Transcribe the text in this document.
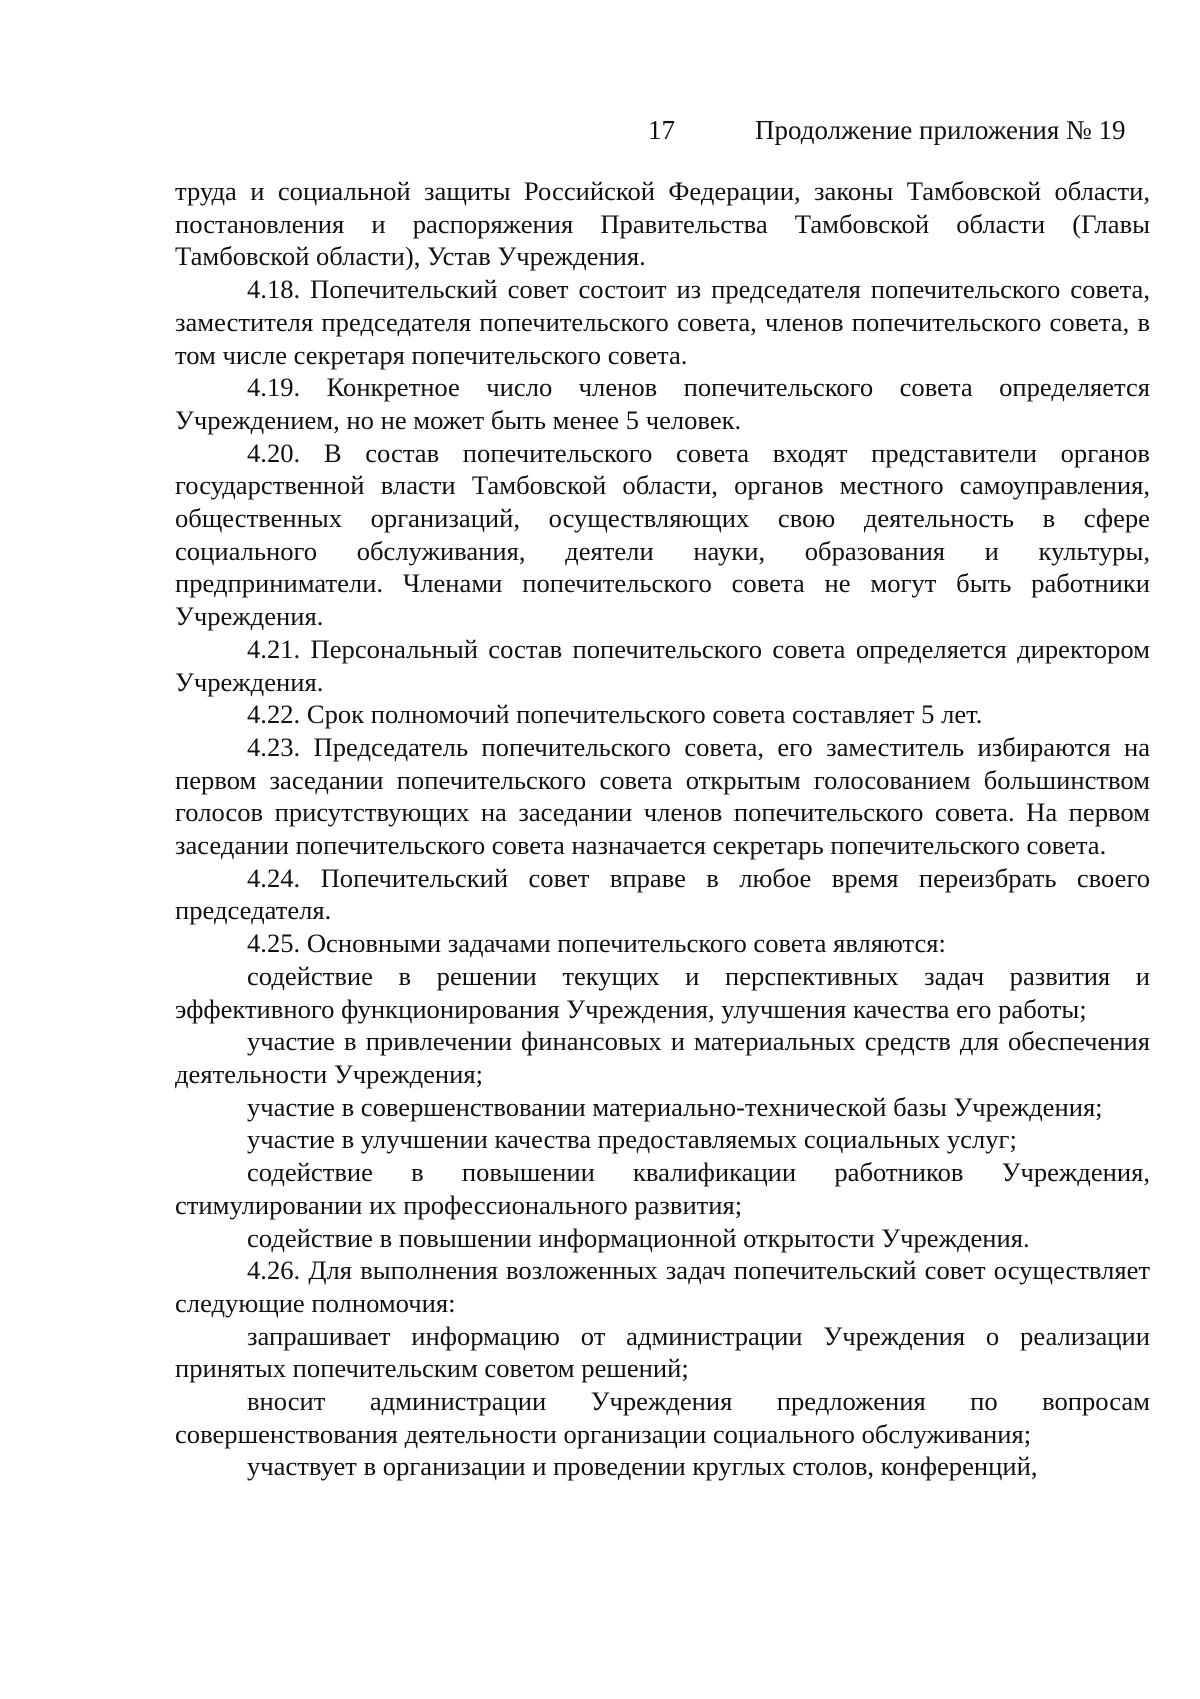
17	Продолжение приложения № 19

труда и социальной защиты Российской Федерации, законы Тамбовской области, постановления и распоряжения Правительства Тамбовской области (Главы Тамбовской области), Устав Учреждения.

4.18. Попечительский совет состоит из председателя попечительского совета, заместителя председателя попечительского совета, членов попечительского совета, в том числе секретаря попечительского совета.

4.19. Конкретное число членов попечительского совета определяется Учреждением, но не может быть менее 5 человек.

4.20. В состав попечительского совета входят представители органов государственной власти Тамбовской области, органов местного самоуправления, общественных организаций, осуществляющих свою деятельность в сфере социального обслуживания, деятели науки, образования и культуры, предприниматели. Членами попечительского совета не могут быть работники Учреждения.

4.21. Персональный состав попечительского совета определяется директором Учреждения.

4.22. Срок полномочий попечительского совета составляет 5 лет.

4.23. Председатель попечительского совета, его заместитель избираются на первом заседании попечительского совета открытым голосованием большинством голосов присутствующих на заседании членов попечительского совета. На первом заседании попечительского совета назначается секретарь попечительского совета.

4.24. Попечительский совет вправе в любое время переизбрать своего председателя.

4.25. Основными задачами попечительского совета являются:

содействие в решении текущих и перспективных задач развития и эффективного функционирования Учреждения, улучшения качества его работы;

участие в привлечении финансовых и материальных средств для обеспечения деятельности Учреждения;

участие в совершенствовании материально-технической базы Учреждения;

участие в улучшении качества предоставляемых социальных услуг;

содействие в повышении квалификации работников Учреждения, стимулировании их профессионального развития;

содействие в повышении информационной открытости Учреждения.

4.26. Для выполнения возложенных задач попечительский совет осуществляет следующие полномочия:

запрашивает информацию от администрации Учреждения о реализации принятых попечительским советом решений;

вносит администрации Учреждения предложения по вопросам совершенствования деятельности организации социального обслуживания;

участвует в организации и проведении круглых столов, конференций,
